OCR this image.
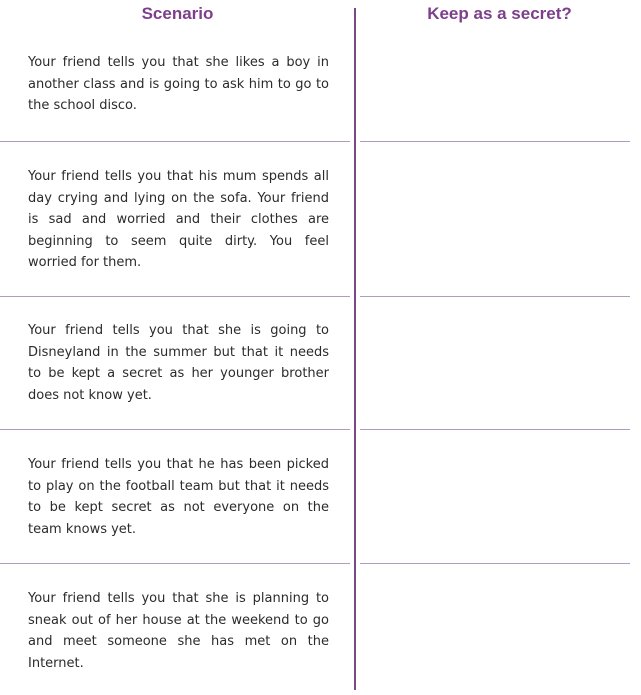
Scenario	Keep as a secret?

Your friend tells you that she likes a boy in another class and is going to ask him to go to the school disco.

Your friend tells you that his mum spends all day crying and lying on the sofa. Your friend is sad and worried and their clothes are beginning to seem quite dirty. You feel worried for them.

Your friend tells you that she is going to Disneyland in the summer but that it needs to be kept a secret as her younger brother does not know yet.

Your friend tells you that he has been picked to play on the football team but that it needs to be kept secret as not everyone on the team knows yet.

Your friend tells you that she is planning to sneak out of her house at the weekend to go and meet someone she has met on the Internet.
